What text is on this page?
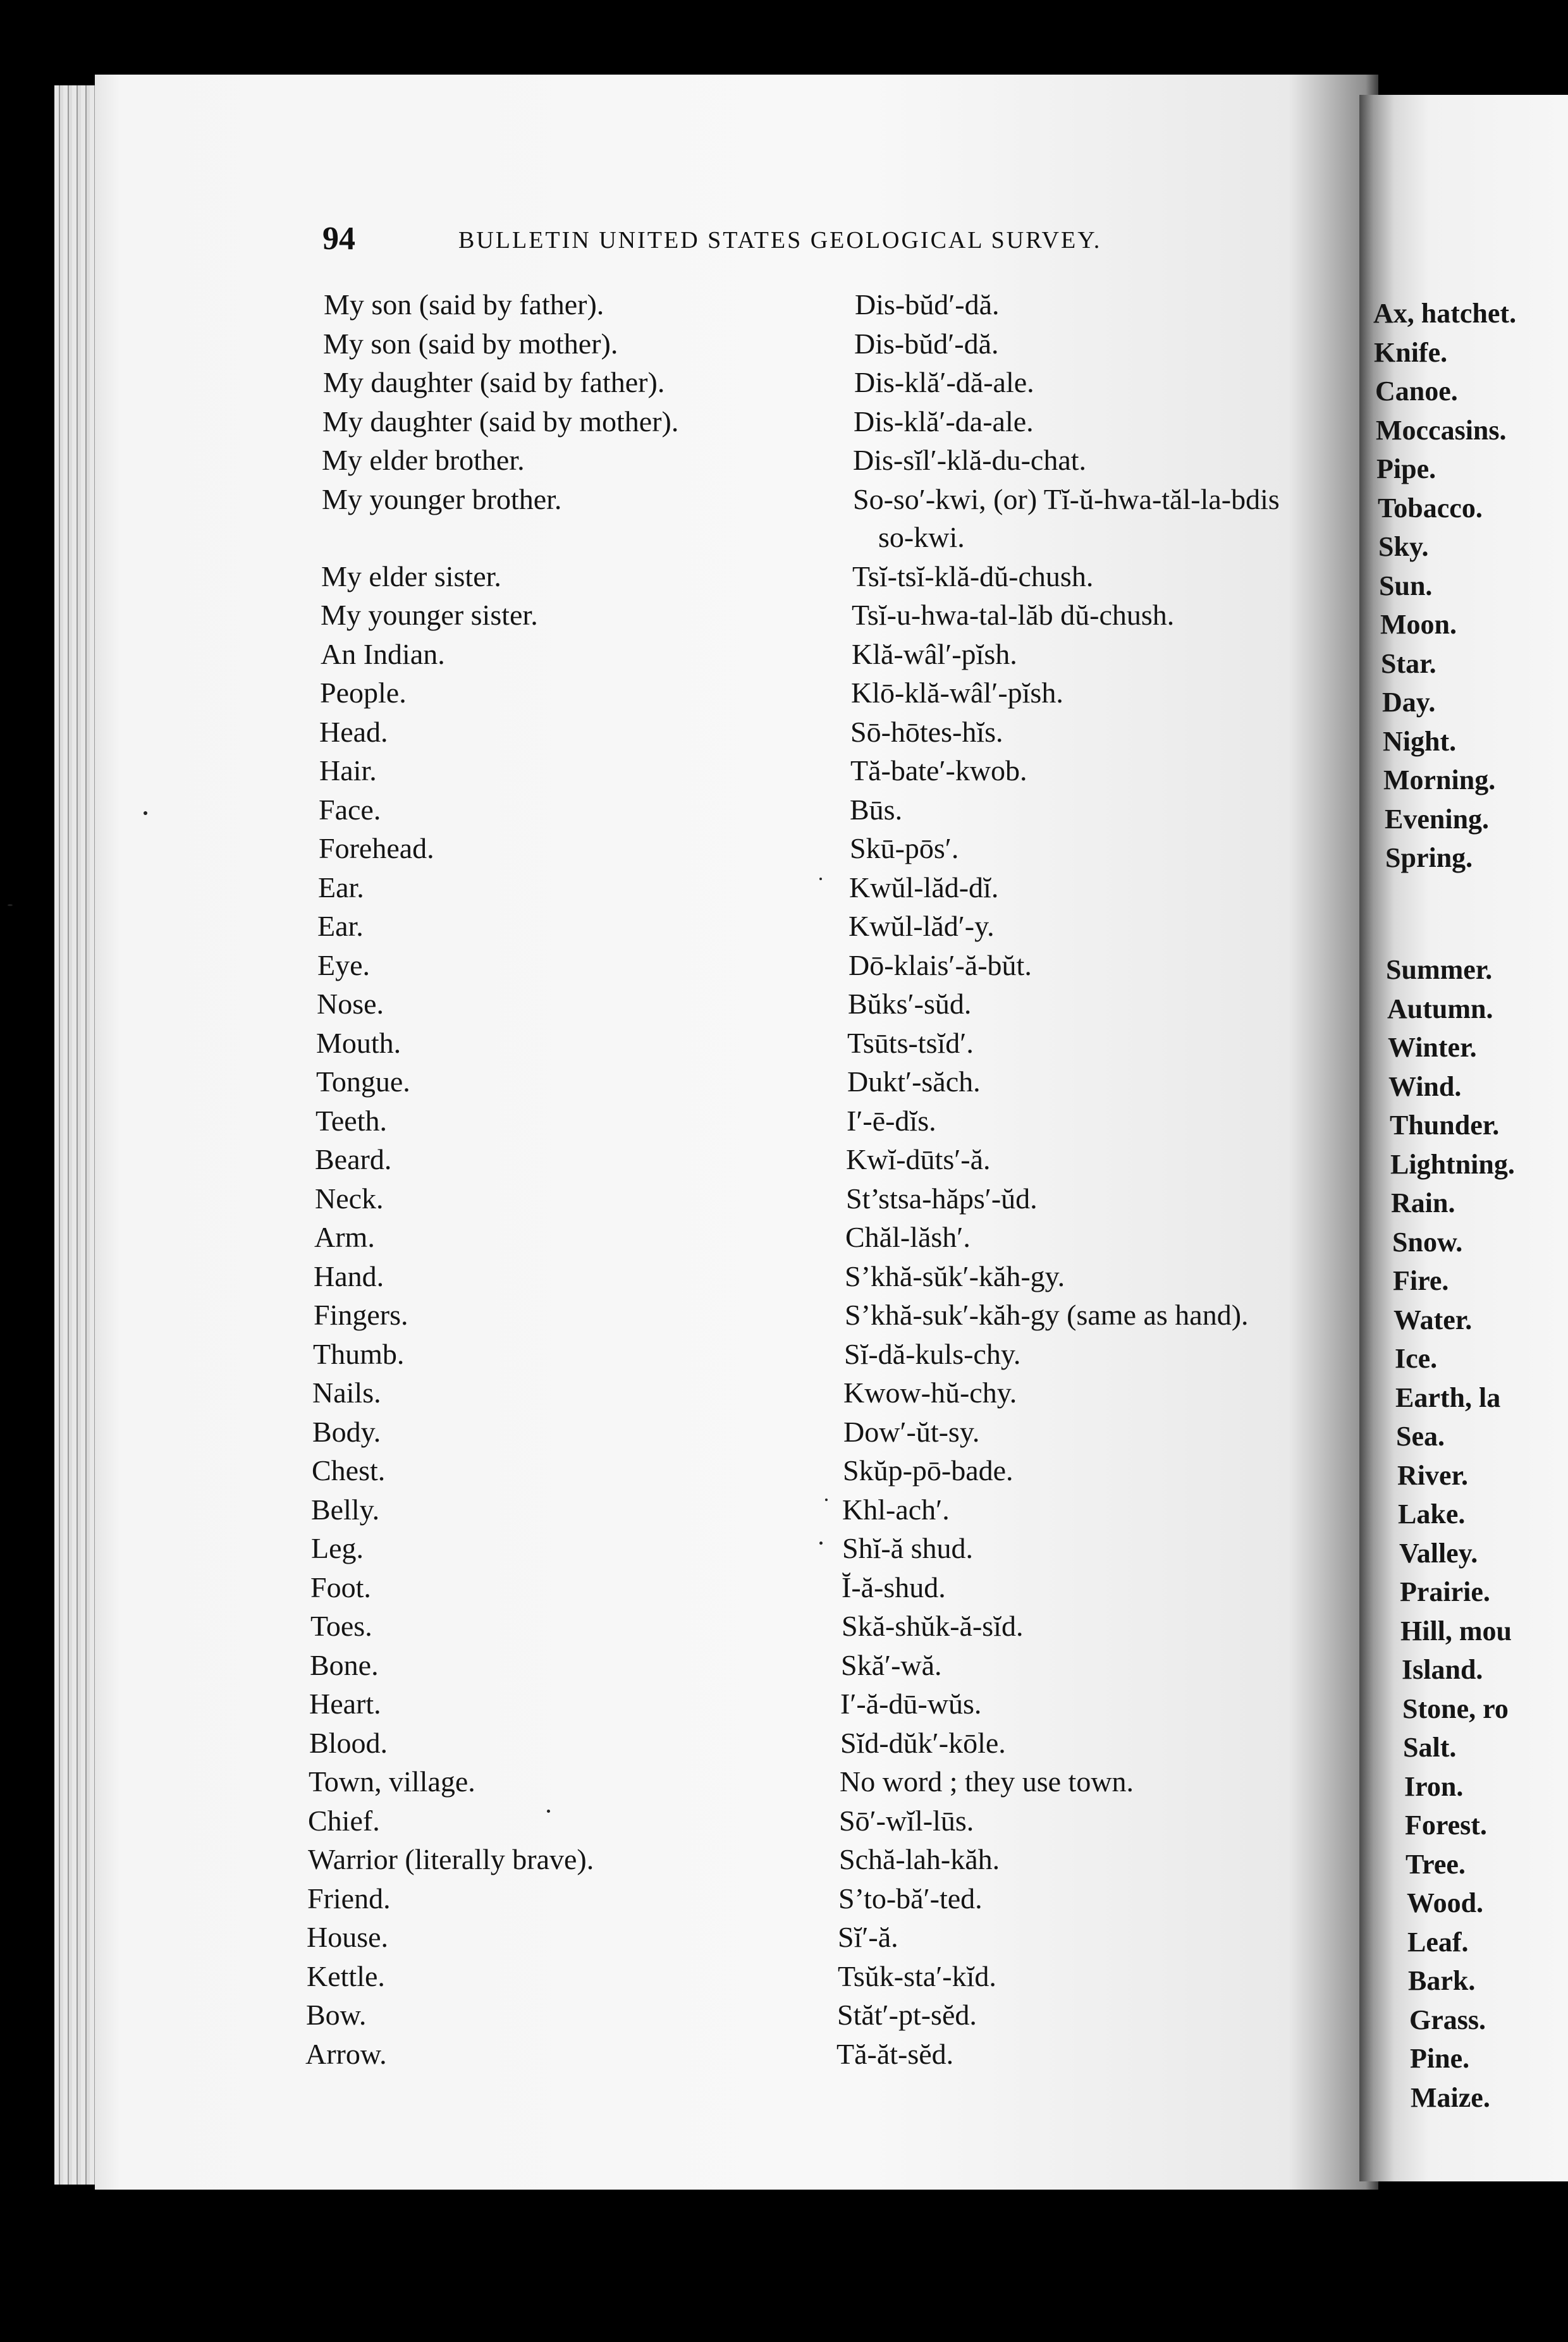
94	BULLETIN UNITED STATES GEOLOGICAL SURVEY.
My son (said by father).	Dis-bŭd′-dă.
My son (said by mother).	Dis-bŭd′-dă.
My daughter (said by father).	Dis-klă′-dă-ale.
My daughter (said by mother).	Dis-klă′-da-ale.
My elder brother.	Dis-sĭl′-klă-du-chat.
My younger brother.	So-so′-kwi, (or) Tĭ-ŭ-hwa-tăl-la-bdis
so-kwi.
My elder sister.	Tsĭ-tsĭ-klă-dŭ-chush.
My younger sister.	Tsĭ-u-hwa-tal-lăb dŭ-chush.
An Indian.	Klă-wâl′-pĭsh.
People.	Klō-klă-wâl′-pĭsh.
Head.	Sō-hōtes-hĭs.
Hair.	Tă-bate′-kwob.
Face.	Būs.
Forehead.	Skū-pōs′.
Ear.	Kwŭl-lăd-dĭ.
Ear.	Kwŭl-lăd′-y.
Eye.	Dō-klais′-ă-bŭt.
Nose.	Bŭks′-sŭd.
Mouth.	Tsūts-tsĭd′.
Tongue.	Dukt′-săch.
Teeth.	I′-ē-dĭs.
Beard.	Kwĭ-dūts′-ă.
Neck.	St’stsa-hăps′-ŭd.
Arm.	Chăl-lăsh′.
Hand.	S’khă-sŭk′-kăh-gy.
Fingers.	S’khă-suk′-kăh-gy (same as hand).
Thumb.	Sĭ-dă-kuls-chy.
Nails.	Kwow-hŭ-chy.
Body.	Dow′-ŭt-sy.
Chest.	Skŭp-pō-bade.
Belly.	Khl-ach′.
Leg.	Shĭ-ă shud.
Foot.	Ĭ-ă-shud.
Toes.	Skă-shŭk-ă-sĭd.
Bone.	Skă′-wă.
Heart.	I′-ă-dū-wŭs.
Blood.	Sĭd-dŭk′-kōle.
Town, village.	No word ; they use town.
Chief.	Sō′-wĭl-lūs.
Warrior (literally brave).	Schă-lah-kăh.
Friend.	S’to-bă′-ted.
House.	Sĭ′-ă.
Kettle.	Tsŭk-sta′-kĭd.
Bow.	Stăt′-pt-sĕd.
Arrow.	Tă-ăt-sĕd.
Ax, hatchet.
Knife.
Canoe.
Moccasins.
Pipe.
Tobacco.
Sky.
Sun.
Moon.
Star.
Day.
Night.
Morning.
Evening.
Spring.
Summer.
Autumn.
Winter.
Wind.
Thunder.
Lightning.
Rain.
Snow.
Fire.
Water.
Ice.
Earth, la
Sea.
River.
Lake.
Valley.
Prairie.
Hill, mou
Island.
Stone, ro
Salt.
Iron.
Forest.
Tree.
Wood.
Leaf.
Bark.
Grass.
Pine.
Maize.
